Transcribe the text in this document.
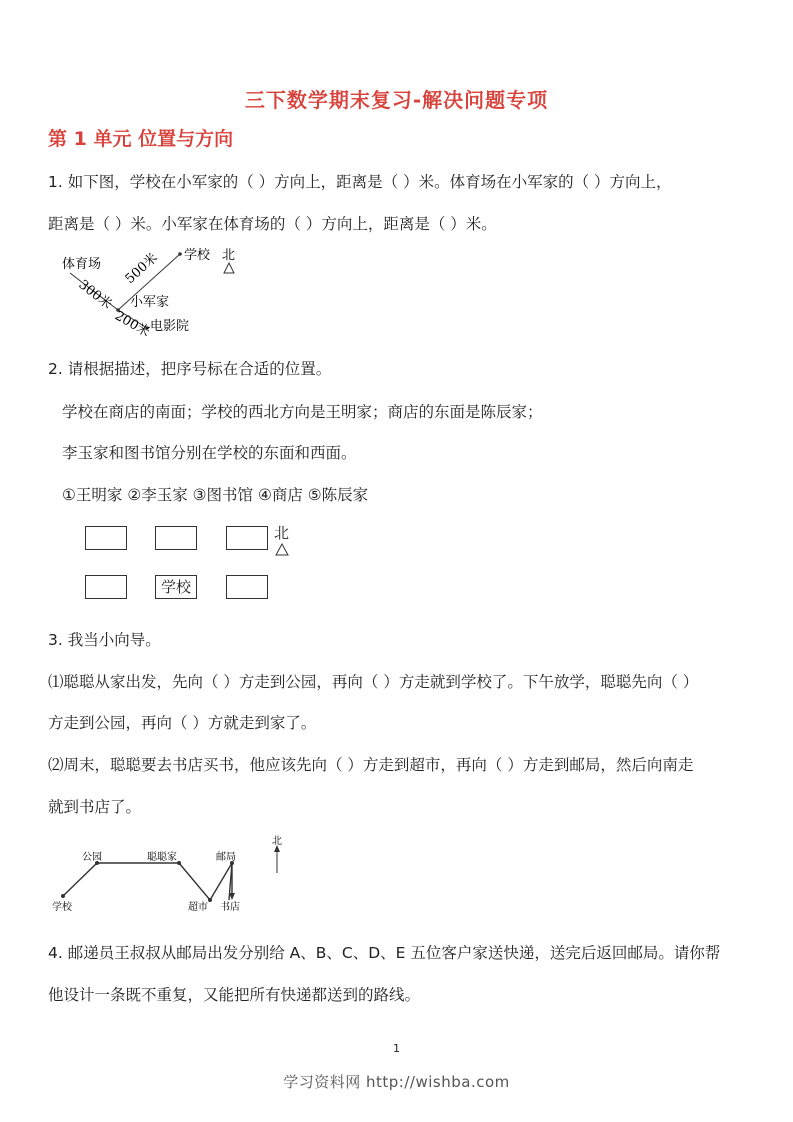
三下数学期末复习-解决问题专项
第 1 单元 位置与方向
1. 如下图，学校在小军家的（ ）方向上，距离是（ ）米。体育场在小军家的（ ）方向上，
距离是（ ）米。小军家在体育场的（ ）方向上，距离是（ ）米。
体育场
学校 北
小军家
电影院
500米
300米
200米
2. 请根据描述，把序号标在合适的位置。
学校在商店的南面；学校的西北方向是王明家；商店的东面是陈辰家；
李玉家和图书馆分别在学校的东面和西面。
①王明家 ②李玉家 ③图书馆 ④商店 ⑤陈辰家
学校
北
3. 我当小向导。
⑴聪聪从家出发，先向（ ）方走到公园，再向（ ）方走就到学校了。下午放学，聪聪先向（ ）
方走到公园，再向（ ）方就走到家了。
⑵周末，聪聪要去书店买书，他应该先向（ ）方走到超市，再向（ ）方走到邮局，然后向南走
就到书店了。
公园	聪聪家	邮局
北
学校	超市 书店
4. 邮递员王叔叔从邮局出发分别给 A、B、C、D、E 五位客户家送快递，送完后返回邮局。请你帮
他设计一条既不重复，又能把所有快递都送到的路线。
1
学习资料网 http://wishba.com
